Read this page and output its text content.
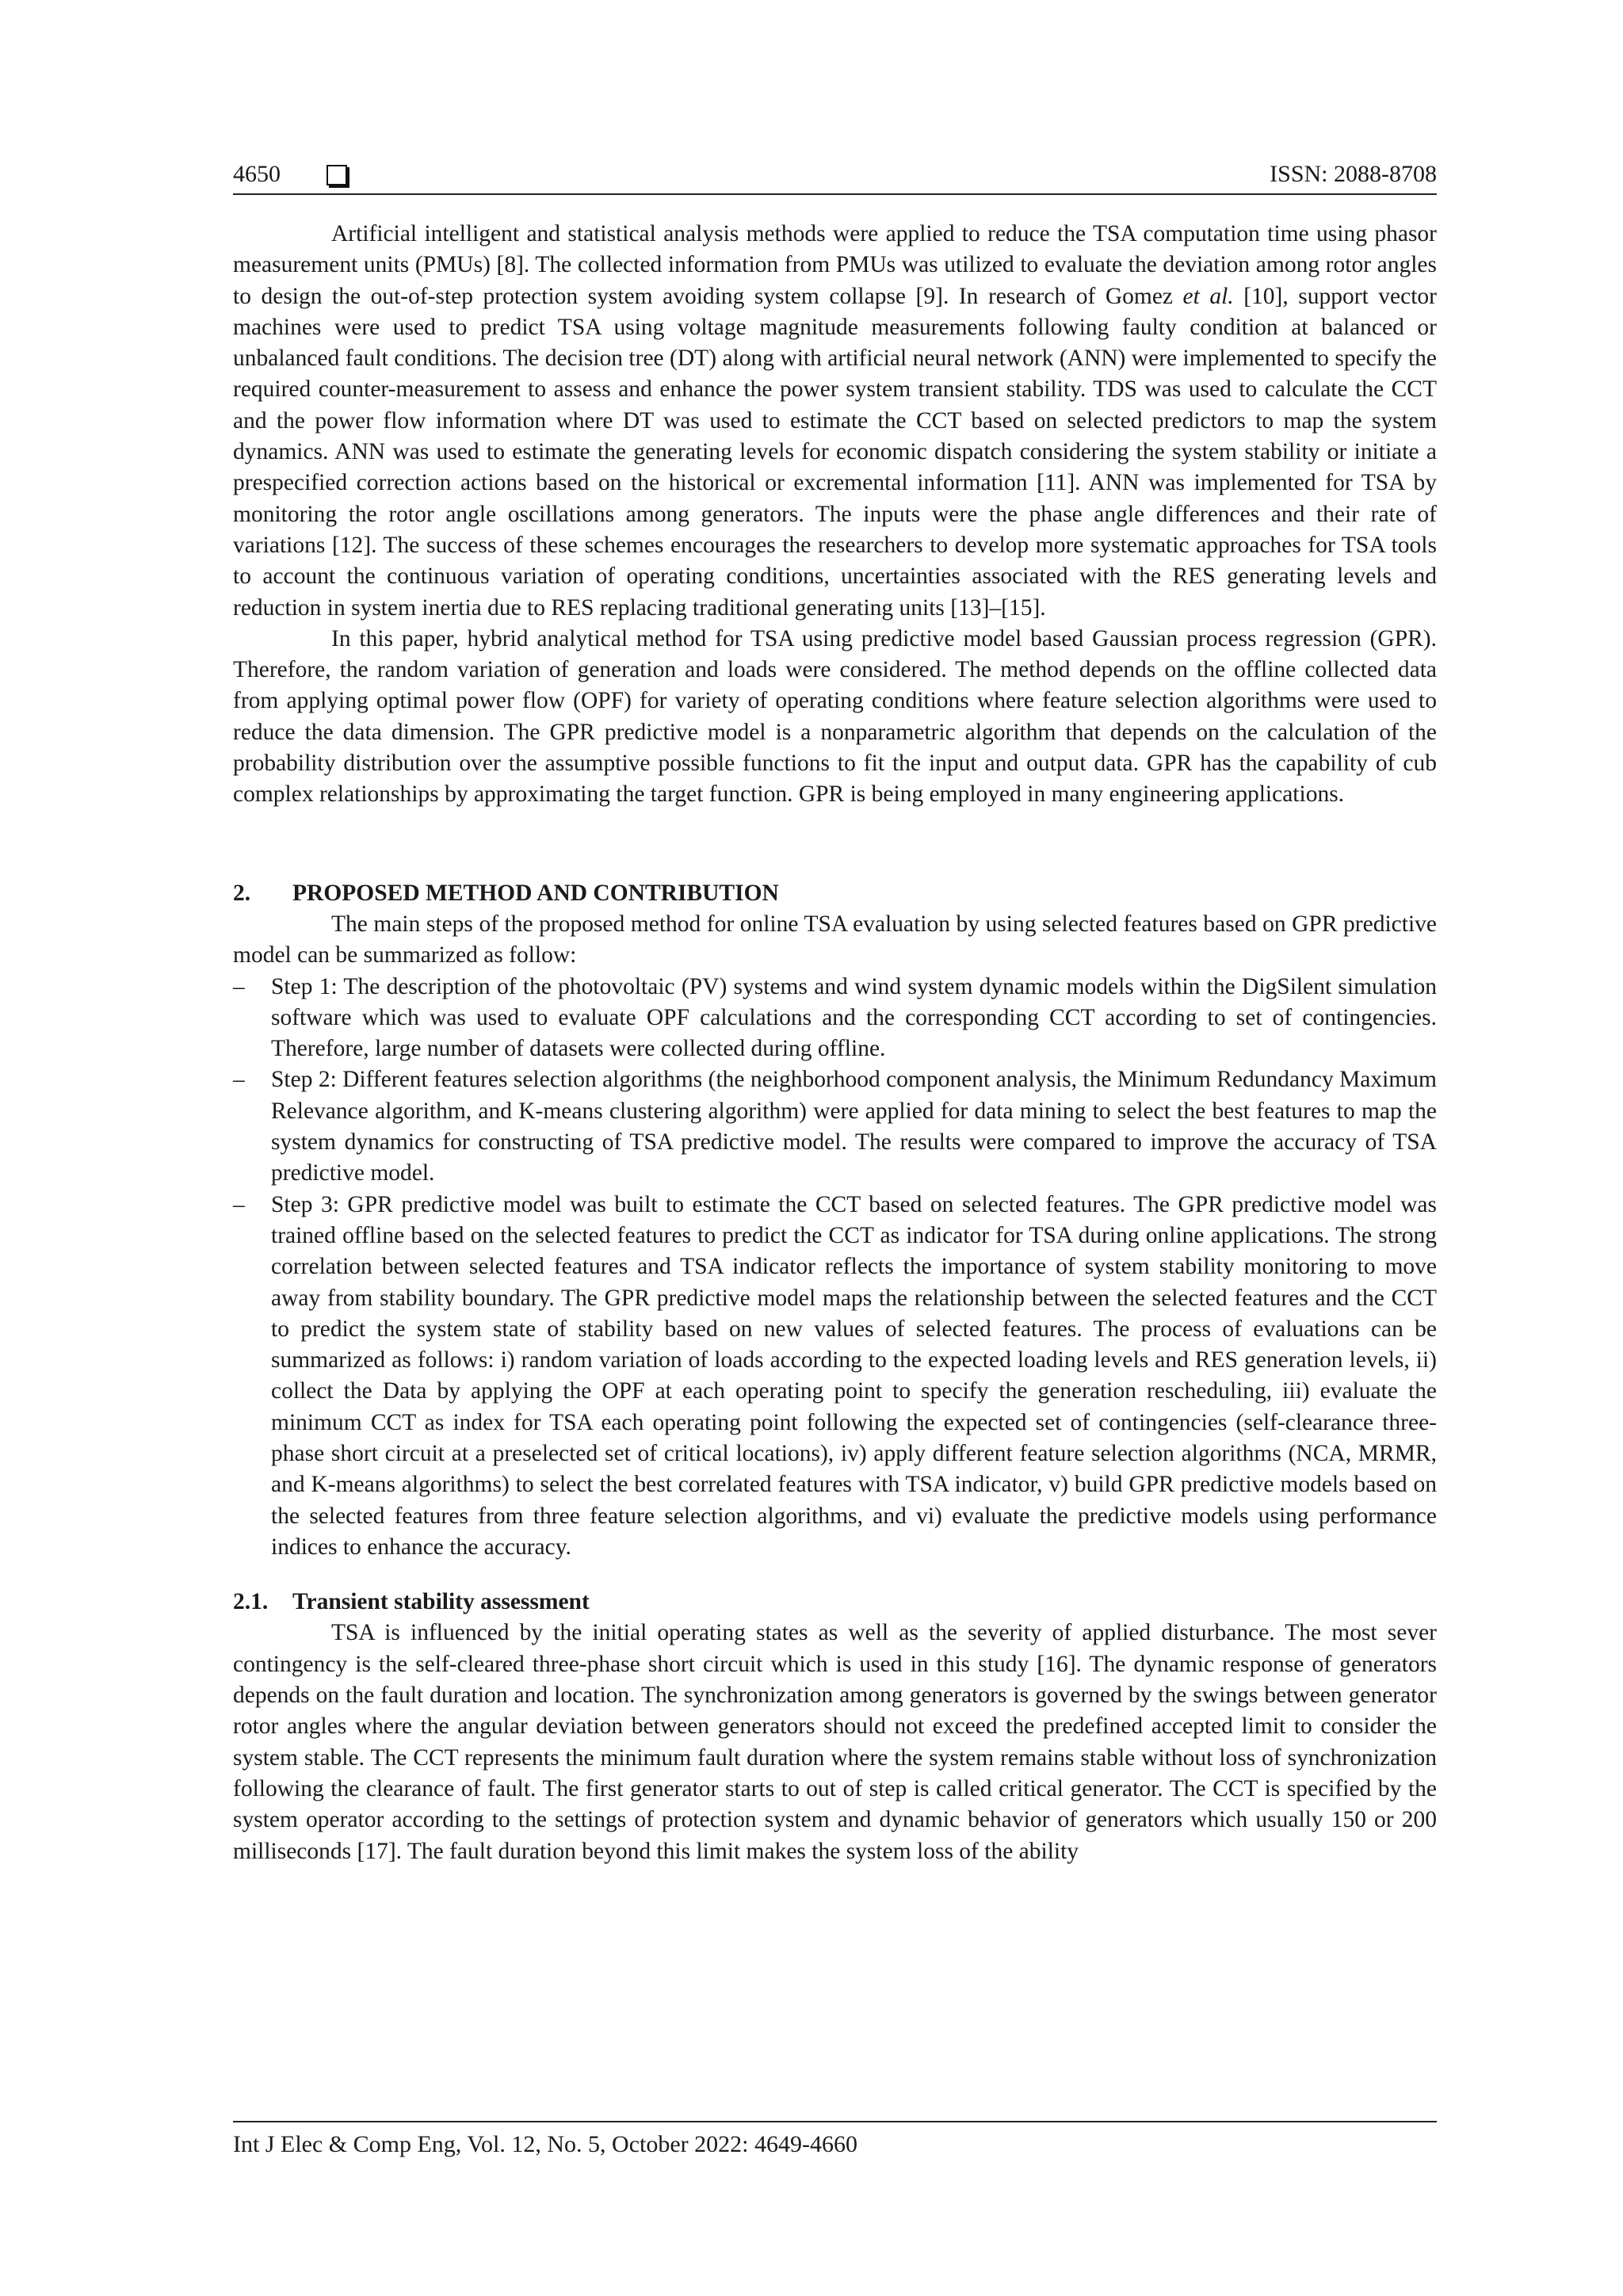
4650	ISSN: 2088-8708

Artificial intelligent and statistical analysis methods were applied to reduce the TSA computation time using phasor measurement units (PMUs) [8]. The collected information from PMUs was utilized to evaluate the deviation among rotor angles to design the out-of-step protection system avoiding system collapse [9]. In research of Gomez et al. [10], support vector machines were used to predict TSA using voltage magnitude measurements following faulty condition at balanced or unbalanced fault conditions. The decision tree (DT) along with artificial neural network (ANN) were implemented to specify the required counter-measurement to assess and enhance the power system transient stability. TDS was used to calculate the CCT and the power flow information where DT was used to estimate the CCT based on selected predictors to map the system dynamics. ANN was used to estimate the generating levels for economic dispatch considering the system stability or initiate a prespecified correction actions based on the historical or excremental information [11]. ANN was implemented for TSA by monitoring the rotor angle oscillations among generators. The inputs were the phase angle differences and their rate of variations [12]. The success of these schemes encourages the researchers to develop more systematic approaches for TSA tools to account the continuous variation of operating conditions, uncertainties associated with the RES generating levels and reduction in system inertia due to RES replacing traditional generating units [13]–[15].

In this paper, hybrid analytical method for TSA using predictive model based Gaussian process regression (GPR). Therefore, the random variation of generation and loads were considered. The method depends on the offline collected data from applying optimal power flow (OPF) for variety of operating conditions where feature selection algorithms were used to reduce the data dimension. The GPR predictive model is a nonparametric algorithm that depends on the calculation of the probability distribution over the assumptive possible functions to fit the input and output data. GPR has the capability of cub complex relationships by approximating the target function. GPR is being employed in many engineering applications.

2. PROPOSED METHOD AND CONTRIBUTION

The main steps of the proposed method for online TSA evaluation by using selected features based on GPR predictive model can be summarized as follow:

– Step 1: The description of the photovoltaic (PV) systems and wind system dynamic models within the DigSilent simulation software which was used to evaluate OPF calculations and the corresponding CCT according to set of contingencies. Therefore, large number of datasets were collected during offline.
– Step 2: Different features selection algorithms (the neighborhood component analysis, the Minimum Redundancy Maximum Relevance algorithm, and K-means clustering algorithm) were applied for data mining to select the best features to map the system dynamics for constructing of TSA predictive model. The results were compared to improve the accuracy of TSA predictive model.
– Step 3: GPR predictive model was built to estimate the CCT based on selected features. The GPR predictive model was trained offline based on the selected features to predict the CCT as indicator for TSA during online applications. The strong correlation between selected features and TSA indicator reflects the importance of system stability monitoring to move away from stability boundary. The GPR predictive model maps the relationship between the selected features and the CCT to predict the system state of stability based on new values of selected features. The process of evaluations can be summarized as follows: i) random variation of loads according to the expected loading levels and RES generation levels, ii) collect the Data by applying the OPF at each operating point to specify the generation rescheduling, iii) evaluate the minimum CCT as index for TSA each operating point following the expected set of contingencies (self-clearance three-phase short circuit at a preselected set of critical locations), iv) apply different feature selection algorithms (NCA, MRMR, and K-means algorithms) to select the best correlated features with TSA indicator, v) build GPR predictive models based on the selected features from three feature selection algorithms, and vi) evaluate the predictive models using performance indices to enhance the accuracy.
2.1. Transient stability assessment

TSA is influenced by the initial operating states as well as the severity of applied disturbance. The most sever contingency is the self-cleared three-phase short circuit which is used in this study [16]. The dynamic response of generators depends on the fault duration and location. The synchronization among generators is governed by the swings between generator rotor angles where the angular deviation between generators should not exceed the predefined accepted limit to consider the system stable. The CCT represents the minimum fault duration where the system remains stable without loss of synchronization following the clearance of fault. The first generator starts to out of step is called critical generator. The CCT is specified by the system operator according to the settings of protection system and dynamic behavior of generators which usually 150 or 200 milliseconds [17]. The fault duration beyond this limit makes the system loss of the ability

Int J Elec & Comp Eng, Vol. 12, No. 5, October 2022: 4649-4660
